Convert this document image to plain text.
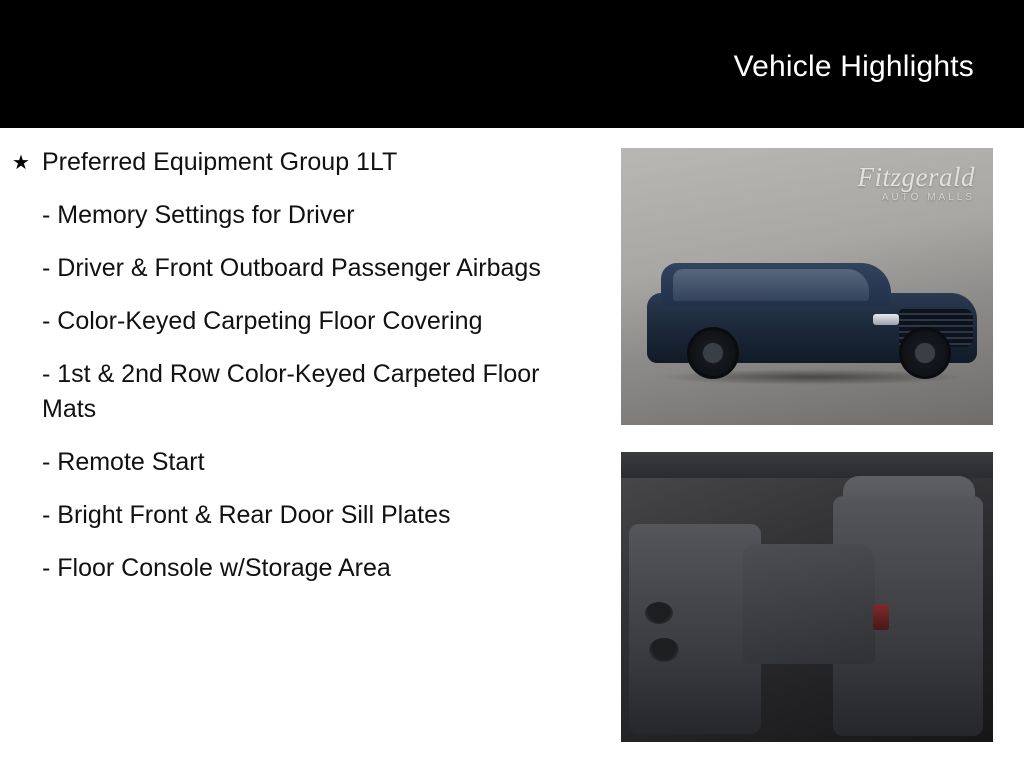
Vehicle Highlights
★ Preferred Equipment Group 1LT
- Memory Settings for Driver
- Driver & Front Outboard Passenger Airbags
- Color-Keyed Carpeting Floor Covering
- 1st & 2nd Row Color-Keyed Carpeted Floor Mats
- Remote Start
- Bright Front & Rear Door Sill Plates
- Floor Console w/Storage Area
Fitzgerald
AUTO MALLS
